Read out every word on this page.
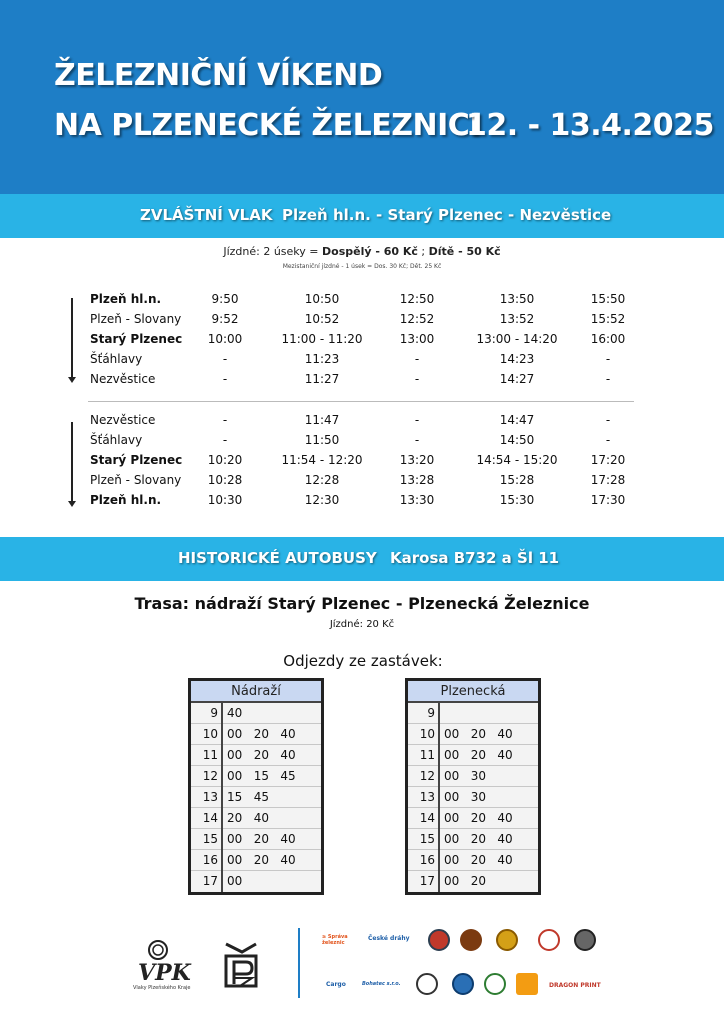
ŽELEZNIČNÍ VÍKEND
NA PLZENECKÉ ŽELEZNICI
12. - 13.4.2025
ZVLÁŠTNÍ VLAK Plzeň hl.n. - Starý Plzenec - Nezvěstice
Jízdné: 2 úseky = Dospělý - 60 Kč ; Dítě - 50 Kč
Mezistaniční jízdné - 1 úsek = Dos. 30 Kč; Dět. 25 Kč
Plzeň hl.n.	9:50	10:50	12:50	13:50	15:50
Plzeň - Slovany	9:52	10:52	12:52	13:52	15:52
Starý Plzenec 10:00	11:00 - 11:20	13:00	13:00 - 14:20	16:00
Šťáhlavy	-	11:23	-	14:23	-
Nezvěstice	-	11:27	-	14:27	-
Nezvěstice	-	11:47	-	14:47	-
Šťáhlavy	-	11:50	-	14:50	-
Starý Plzenec 10:20	11:54 - 12:20	13:20	14:54 - 15:20	17:20
Plzeň - Slovany 10:28	12:28	13:28	15:28	17:28
Plzeň hl.n.	10:30	12:30	13:30	15:30	17:30
HISTORICKÉ AUTOBUSY Karosa B732 a Šl 11
Trasa: nádraží Starý Plzenec - Plzenecká Železnice
Jízdné: 20 Kč
Odjezdy ze zastávek:
Nádraží
9 40
10 00   20   40
11 00   20   40
12 00   15   45
13 15   45
14 20   40
15 00   20   40
16 00   20   40
17 00
Plzenecká
9
10 00   20   40
11 00   20   40
12 00   30
13 00   30
14 00   20   40
15 00   20   40
16 00   20   40
17 00   20
VPK
Vlaky Plzeňského Kraje
≥ Správa
železnic
České dráhy
Cargo	Bohatec s.r.o.	DRAGON PRINT
